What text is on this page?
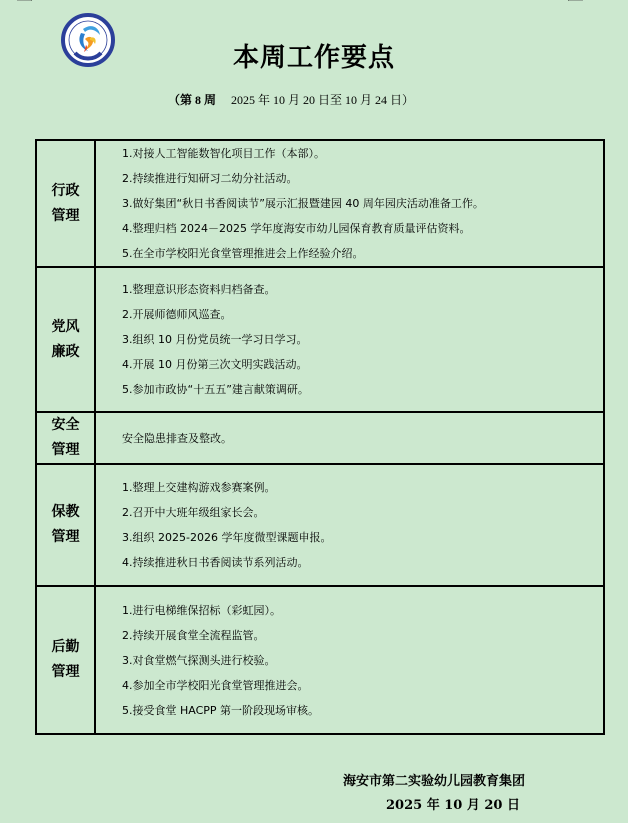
本周工作要点
（第 8 周 2025 年 10 月 20 日至 10 月 24 日）
行政
管理

1.对接人工智能数智化项目工作（本部）。
2.持续推进行知研习二幼分社活动。
3.做好集团“秋日书香阅读节”展示汇报暨建园 40 周年园庆活动准备工作。
4.整理归档 2024－2025 学年度海安市幼儿园保育教育质量评估资料。
5.在全市学校阳光食堂管理推进会上作经验介绍。

党风
廉政

1.整理意识形态资料归档备查。
2.开展师德师风巡查。
3.组织 10 月份党员统一学习日学习。
4.开展 10 月份第三次文明实践活动。
5.参加市政协“十五五”建言献策调研。

安全
管理	安全隐患排查及整改。

保教
管理

1.整理上交建构游戏参赛案例。
2.召开中大班年级组家长会。
3.组织 2025-2026 学年度微型课题申报。
4.持续推进秋日书香阅读节系列活动。

后勤
管理

1.进行电梯维保招标（彩虹园）。
2.持续开展食堂全流程监管。
3.对食堂燃气探测头进行校验。
4.参加全市学校阳光食堂管理推进会。
5.接受食堂 HACPP 第一阶段现场审核。
海安市第二实验幼儿园教育集团
2025 年 10 月 20 日
